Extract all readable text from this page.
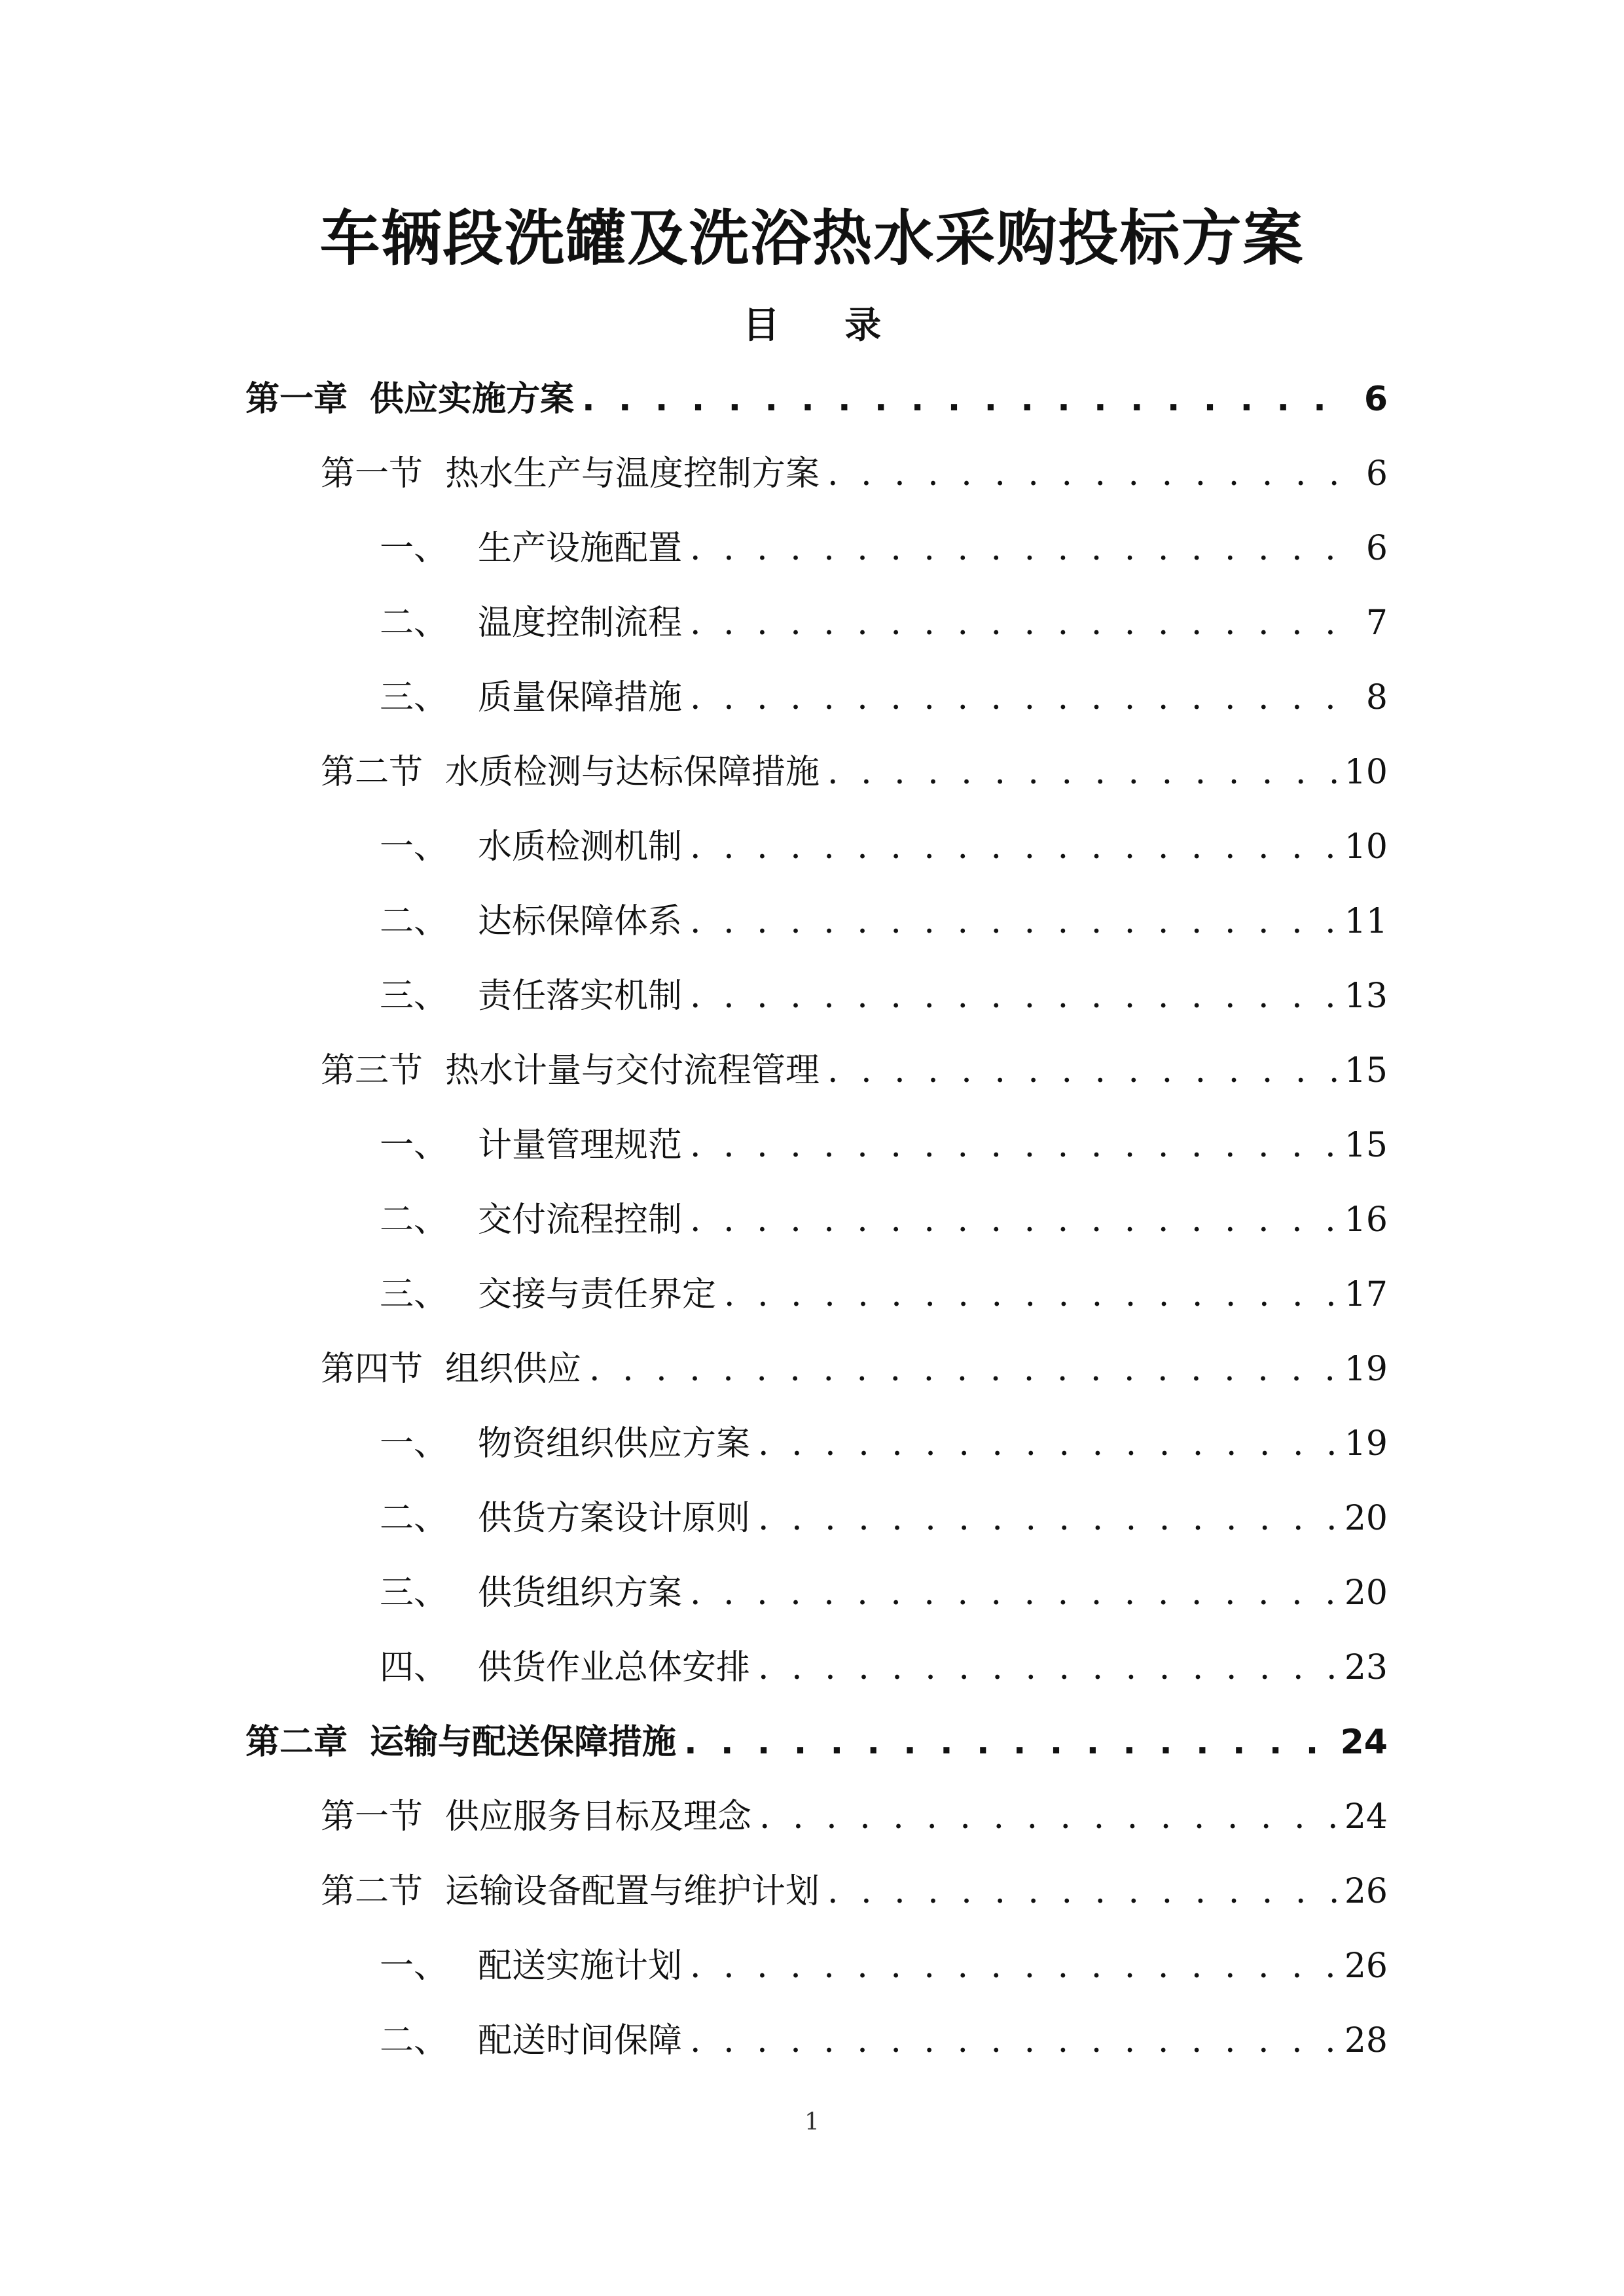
车辆段洗罐及洗浴热水采购投标方案
目 录
第一章 供应实施方案 . . .	6
第一节 热水生产与温度控制方案 . . .	6
一、 生产设施配置 . . .	6
二、 温度控制流程 . . .	7
三、 质量保障措施 . . .	8
第二节 水质检测与达标保障措施 . . .	10
一、 水质检测机制 . . .	10
二、 达标保障体系 . . .	11
三、 责任落实机制 . . .	13
第三节 热水计量与交付流程管理 . . .	15
一、 计量管理规范 . . .	15
二、 交付流程控制 . . .	16
三、 交接与责任界定 . . .	17
第四节 组织供应 . . .	19
一、 物资组织供应方案 . . .	19
二、 供货方案设计原则 . . .	20
三、 供货组织方案 . . .	20
四、 供货作业总体安排 . . .	23
第二章 运输与配送保障措施 . . .	24
第一节 供应服务目标及理念 . . .	24
第二节 运输设备配置与维护计划 . . .	26
一、 配送实施计划 . . .	26
二、 配送时间保障 . . .	28
1
